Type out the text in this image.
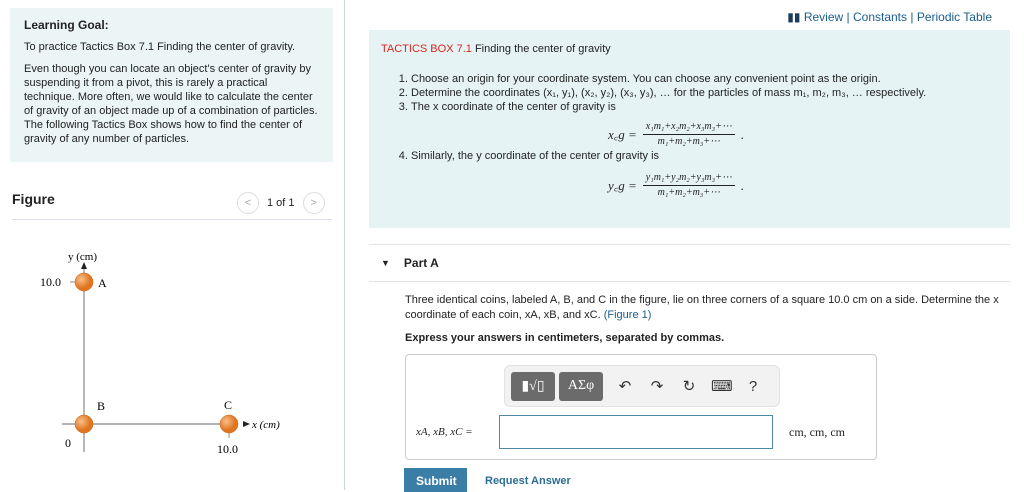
Learning Goal:

To practice Tactics Box 7.1 Finding the center of gravity.

Even though you can locate an object's center of gravity by suspending it from a pivot, this is rarely a practical technique. More often, we would like to calculate the center of gravity of an object made up of a combination of particles. The following Tactics Box shows how to find the center of gravity of any number of particles.

Figure	<	1 of 1	>
y (cm)
10.0	A
B	C
x (cm)
0	10.0
▮▮ Review | Constants | Periodic Table
TACTICS BOX 7.1 Finding the center of gravity
1. Choose an origin for your coordinate system. You can choose any convenient point as the origin.
2. Determine the coordinates (x₁, y₁), (x₂, y₂), (x₃, y₃), … for the particles of mass m₁, m₂, m₃, … respectively.
3. The x coordinate of the center of gravity is
x꜀g = $\frac{\text{x₁m₁+x₂m₂+x₃m₃+⋯}}{\text{m₁+m₂+m₃+⋯}}$ .
4. Similarly, the y coordinate of the center of gravity is
y꜀g = $\frac{\text{y₁m₁+y₂m₂+y₃m₃+⋯}}{\text{m₁+m₂+m₃+⋯}}$ .
▼ Part A
Three identical coins, labeled A, B, and C in the figure, lie on three corners of a square 10.0 cm on a side. Determine the x coordinate of each coin, xA, xB, and xC. (Figure 1)
Express your answers in centimeters, separated by commas.
▮√▯	ΑΣφ	↶ ↷ ↻ ⌨	?
xA, xB, xC =	cm, cm, cm
Submit	Request Answer
